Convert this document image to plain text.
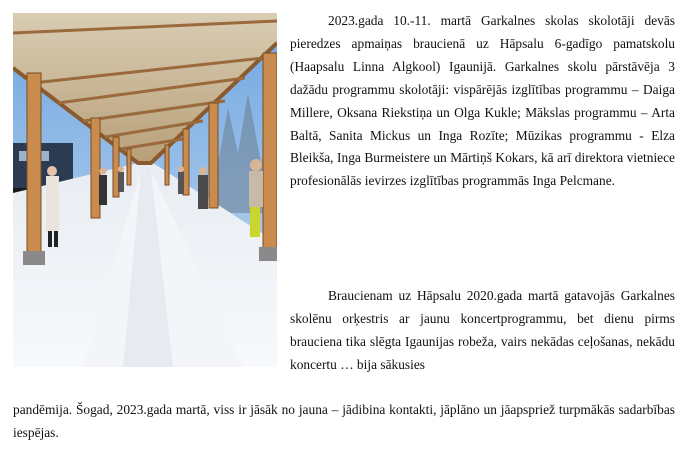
2023.gada 10.-11. martā Garkalnes skolas skolotāji devās pieredzes apmaiņas braucienā uz Hāpsalu 6-gadīgo pamatskolu (Haapsalu Linna Algkool) Igaunijā. Garkalnes skolu pārstāvēja 3 dažādu programmu skolotāji: vispārējās izglītības programmu – Daiga Millere, Oksana Riekstiņa un Olga Kukle; Mākslas programmu – Arta Baltā, Sanita Mickus un Inga Rozīte; Mūzikas programmu - Elza Bleikša, Inga Burmeistere un Mārtiņš Kokars, kā arī direktora vietniece profesionālās ievirzes izglītības programmās Inga Pelcmane.

Braucienam uz Hāpsalu 2020.gada martā gatavojās Garkalnes skolēnu orķestris ar jaunu koncertprogrammu, bet dienu pirms brauciena tika slēgta Igaunijas robeža, vairs nekādas ceļošanas, nekādu koncertu … bija sākusies

pandēmija. Šogad, 2023.gada martā, viss ir jāsāk no jauna – jādibina kontakti, jāplāno un jāapspriež turpmākās sadarbības iespējas.
